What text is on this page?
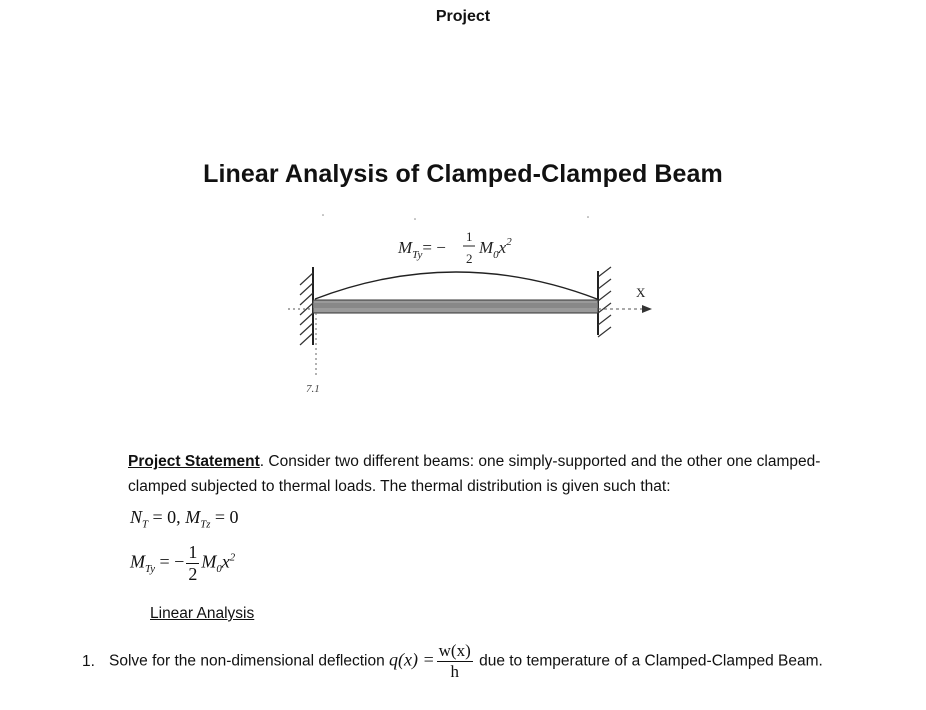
Project
Linear Analysis of Clamped-Clamped Beam
$M_{Ty}=$ −
1
2
$M_0x^2$
X
7.1
Project Statement. Consider two different beams: one simply-supported and the other one clamped-clamped subjected to thermal loads. The thermal distribution is given such that:
$N_T = 0$, $M_{Tz} = 0$
$M_{Ty}$ = − $\frac{1}{2} M_0x^2$
Linear Analysis
1. Solve for the non-dimensional deflection $q(x) = \frac{w(x)}{h}$ due to temperature of a Clamped-Clamped Beam.
